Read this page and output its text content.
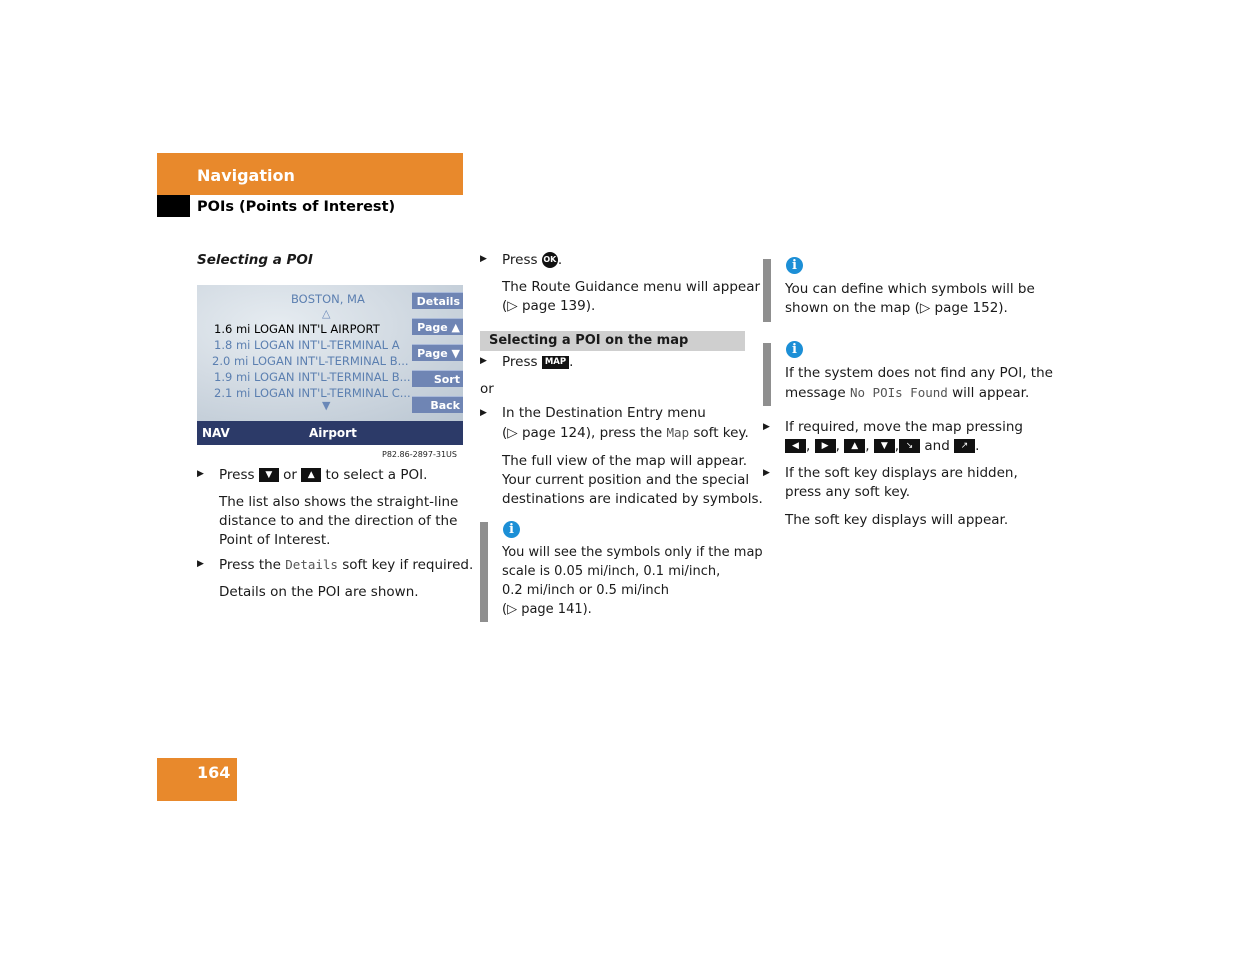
Navigation
POIs (Points of Interest)
Selecting a POI
BOSTON, MA
△
1.6 mi LOGAN INT'L AIRPORT
1.8 mi LOGAN INT'L-TERMINAL A
2.0 mi LOGAN INT'L-TERMINAL B...
1.9 mi LOGAN INT'L-TERMINAL B...
2.1 mi LOGAN INT'L-TERMINAL C...
▼
Details
Page ▲
Page ▼
Sort
Back
NAV	Airport
P82.86-2897-31US
▶ Press ▼ or ▲ to select a POI.
The list also shows the straight-line
distance to and the direction of the
Point of Interest.
▶ Press the Details soft key if required.
Details on the POI are shown.
▶ Press OK .
The Route Guidance menu will appear
(▷ page 139).
Selecting a POI on the map
▶ Press MAP .
or
▶ In the Destination Entry menu
(▷ page 124), press the Map soft key.
The full view of the map will appear.
Your current position and the special
destinations are indicated by symbols.
i
You will see the symbols only if the map
scale is 0.05 mi/inch, 0.1 mi/inch,
0.2 mi/inch or 0.5 mi/inch
(▷ page 141).
i
You can define which symbols will be
shown on the map (▷ page 152).
i
If the system does not find any POI, the
message No POIs Found will appear.
▶ If required, move the map pressing
◀ , ▶ , ▲ , ▼ , ↘ and ↗ .
▶ If the soft key displays are hidden,
press any soft key.
The soft key displays will appear.
164
